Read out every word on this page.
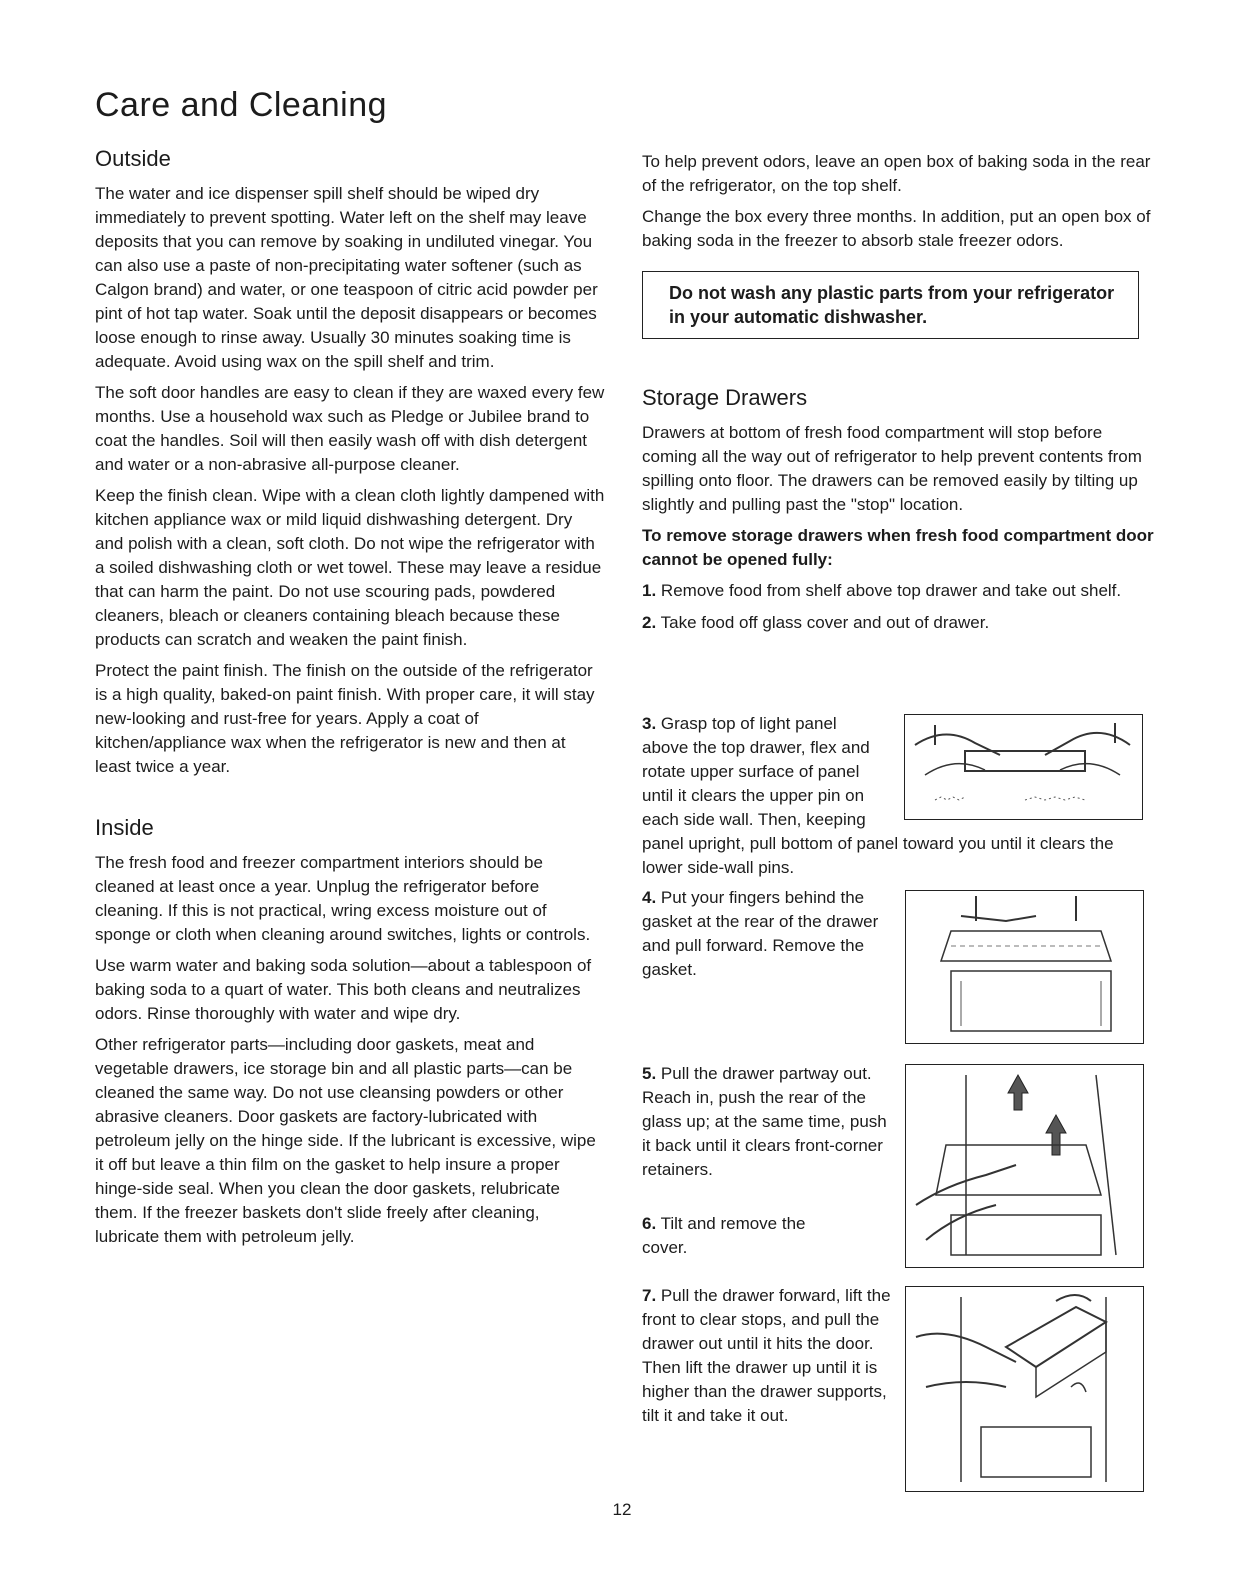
Care and Cleaning
Outside

The water and ice dispenser spill shelf should be wiped dry immediately to prevent spotting. Water left on the shelf may leave deposits that you can remove by soaking in undiluted vinegar. You can also use a paste of non-precipitating water softener (such as Calgon brand) and water, or one teaspoon of citric acid powder per pint of hot tap water. Soak until the deposit disappears or becomes loose enough to rinse away. Usually 30 minutes soaking time is adequate. Avoid using wax on the spill shelf and trim.

The soft door handles are easy to clean if they are waxed every few months. Use a household wax such as Pledge or Jubilee brand to coat the handles. Soil will then easily wash off with dish detergent and water or a non-abrasive all-purpose cleaner.

Keep the finish clean. Wipe with a clean cloth lightly dampened with kitchen appliance wax or mild liquid dishwashing detergent. Dry and polish with a clean, soft cloth. Do not wipe the refrigerator with a soiled dishwashing cloth or wet towel. These may leave a residue that can harm the paint. Do not use scouring pads, powdered cleaners, bleach or cleaners containing bleach because these products can scratch and weaken the paint finish.

Protect the paint finish. The finish on the outside of the refrigerator is a high quality, baked-on paint finish. With proper care, it will stay new-looking and rust-free for years. Apply a coat of kitchen/appliance wax when the refrigerator is new and then at least twice a year.

Inside

The fresh food and freezer compartment interiors should be cleaned at least once a year. Unplug the refrigerator before cleaning. If this is not practical, wring excess moisture out of sponge or cloth when cleaning around switches, lights or controls.

Use warm water and baking soda solution—about a tablespoon of baking soda to a quart of water. This both cleans and neutralizes odors. Rinse thoroughly with water and wipe dry.

Other refrigerator parts—including door gaskets, meat and vegetable drawers, ice storage bin and all plastic parts—can be cleaned the same way. Do not use cleansing powders or other abrasive cleaners. Door gaskets are factory-lubricated with petroleum jelly on the hinge side. If the lubricant is excessive, wipe it off but leave a thin film on the gasket to help insure a proper hinge-side seal. When you clean the door gaskets, relubricate them. If the freezer baskets don't slide freely after cleaning, lubricate them with petroleum jelly.

To help prevent odors, leave an open box of baking soda in the rear of the refrigerator, on the top shelf.

Change the box every three months. In addition, put an open box of baking soda in the freezer to absorb stale freezer odors.

Do not wash any plastic parts from your refrigerator in your automatic dishwasher.
Storage Drawers

Drawers at bottom of fresh food compartment will stop before coming all the way out of refrigerator to help prevent contents from spilling onto floor. The drawers can be removed easily by tilting up slightly and pulling past the "stop" location.

To remove storage drawers when fresh food compartment door cannot be opened fully:
1. Remove food from shelf above top drawer and take out shelf.
2. Take food off glass cover and out of drawer.
3. Grasp top of light panel above the top drawer, flex and rotate upper surface of panel until it clears the upper pin on each side wall. Then, keeping panel upright, pull bottom of panel toward you until it clears the lower side-wall pins.
4. Put your fingers behind the gasket at the rear of the drawer and pull forward. Remove the gasket.
5. Pull the drawer partway out. Reach in, push the rear of the glass up; at the same time, push it back until it clears front-corner retainers.
6. Tilt and remove the cover.
7. Pull the drawer forward, lift the front to clear stops, and pull the drawer out until it hits the door. Then lift the drawer up until it is higher than the drawer supports, tilt it and take it out.
12
